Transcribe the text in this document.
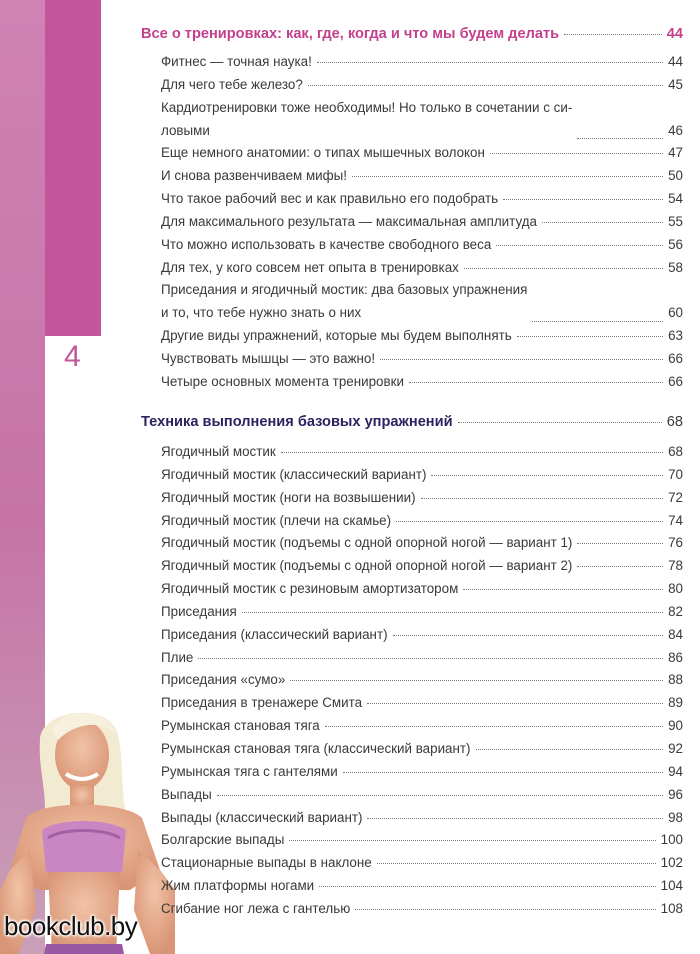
4
bookclub.by
Все о тренировках: как, где, когда и что мы будем делать	44
Фитнес — точная наука!	44
Для чего тебе железо?	45
Кардиотренировки тоже необходимы! Но только в сочетании с си-
ловыми	46
Еще немного анатомии: о типах мышечных волокон	47
И снова развенчиваем мифы!	50
Что такое рабочий вес и как правильно его подобрать	54
Для максимального результата — максимальная амплитуда	55
Что можно использовать в качестве свободного веса	56
Для тех, у кого совсем нет опыта в тренировках	58
Приседания и ягодичный мостик: два базовых упражнения
и то, что тебе нужно знать о них	60
Другие виды упражнений, которые мы будем выполнять	63
Чувствовать мышцы — это важно!	66
Четыре основных момента тренировки	66
Техника выполнения базовых упражнений	68
Ягодичный мостик	68
Ягодичный мостик (классический вариант)	70
Ягодичный мостик (ноги на возвышении)	72
Ягодичный мостик (плечи на скамье)	74
Ягодичный мостик (подъемы с одной опорной ногой — вариант 1)	76
Ягодичный мостик (подъемы с одной опорной ногой — вариант 2)	78
Ягодичный мостик с резиновым амортизатором	80
Приседания	82
Приседания (классический вариант)	84
Плие	86
Приседания «сумо»	88
Приседания в тренажере Смита	89
Румынская становая тяга	90
Румынская становая тяга (классический вариант)	92
Румынская тяга с гантелями	94
Выпады	96
Выпады (классический вариант)	98
Болгарские выпады	100
Стационарные выпады в наклоне	102
Жим платформы ногами	104
Сгибание ног лежа с гантелью	108
